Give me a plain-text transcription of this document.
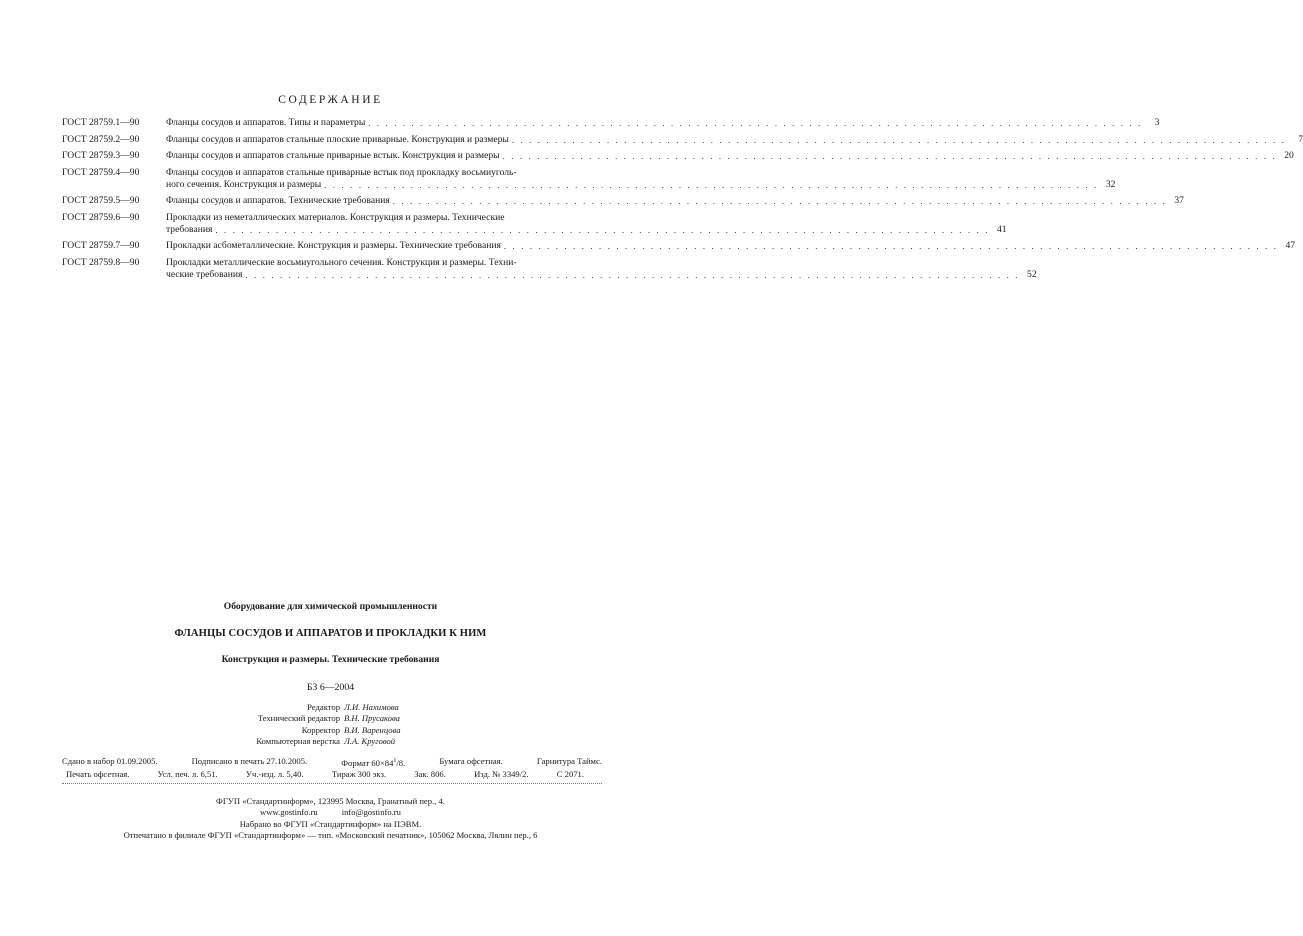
СОДЕРЖАНИЕ
ГОСТ 28759.1—90	Фланцы сосудов и аппаратов. Типы и параметры . . . . . . . . . . . . . . . . . . . . . . . . . . . . . . . . . . . . . . . . . . . . . . . . . . . . . . . . . . . . . . . . . . . . . . . . . . . . . . . . . . . . . . . . . .	3
ГОСТ 28759.2—90	Фланцы сосудов и аппаратов стальные плоские приварные. Конструкция и размеры . . . . . . . . . . . . . . . . . . . . . . . . . . . . . . . . . . . . . . . . . . . . . . . . . . . . . . . . . . . . . . . . . . . . . . . . . . . . . . . . . . . . . . . . . .	7
ГОСТ 28759.3—90	Фланцы сосудов и аппаратов стальные приварные встык. Конструкция и размеры . . . . . . . . . . . . . . . . . . . . . . . . . . . . . . . . . . . . . . . . . . . . . . . . . . . . . . . . . . . . . . . . . . . . . . . . . . . . . . . . . . . . . . . . . . 20
ГОСТ 28759.4—90	Фланцы сосудов и аппаратов стальные приварные встык под прокладку восьмиуголь-
ного сечения. Конструкция и размеры . . . . . . . . . . . . . . . . . . . . . . . . . . . . . . . . . . . . . . . . . . . . . . . . . . . . . . . . . . . . . . . . . . . . . . . . . . . . . . . . . . . . . . . . . . 32
ГОСТ 28759.5—90	Фланцы сосудов и аппаратов. Технические требования . . . . . . . . . . . . . . . . . . . . . . . . . . . . . . . . . . . . . . . . . . . . . . . . . . . . . . . . . . . . . . . . . . . . . . . . . . . . . . . . . . . . . . . . . . 37
ГОСТ 28759.6—90	Прокладки из неметаллических материалов. Конструкция и размеры. Технические
требования . . . . . . . . . . . . . . . . . . . . . . . . . . . . . . . . . . . . . . . . . . . . . . . . . . . . . . . . . . . . . . . . . . . . . . . . . . . . . . . . . . . . . . . . . . 41
ГОСТ 28759.7—90	Прокладки асбометаллические. Конструкция и размеры. Технические требования . . . . . . . . . . . . . . . . . . . . . . . . . . . . . . . . . . . . . . . . . . . . . . . . . . . . . . . . . . . . . . . . . . . . . . . . . . . . . . . . . . . . . . . . . . 47
ГОСТ 28759.8—90	Прокладки металлические восьмиугольного сечения. Конструкция и размеры. Техни-
ческие требования . . . . . . . . . . . . . . . . . . . . . . . . . . . . . . . . . . . . . . . . . . . . . . . . . . . . . . . . . . . . . . . . . . . . . . . . . . . . . . . . . . . . . . . . . . 52
Оборудование для химической промышленности
ФЛАНЦЫ СОСУДОВ И АППАРАТОВ И ПРОКЛАДКИ К НИМ
Конструкция и размеры. Технические требования
БЗ 6—2004
Редактор Л.И. Нахимова
Технический редактор В.Н. Прусакова
Корректор В.И. Варенцова
Компьютерная верстка Л.А. Круговой
Сдано в набор 01.09.2005.	Подписано в печать 27.10.2005.	Формат $60\times 84^1/8$.	Бумага офсетная.	Гарнитура Таймс.
Печать офсетная.	Усл. печ. л. 6,51.	Уч.-изд. л. 5,40.	Тираж 300 экз.	Зак. 806.	Изд. № 3349/2.	С 2071.
ФГУП «Стандартинформ», 123995 Москва, Гранатный пер., 4.
www.gostinfo.ru	info@gostinfo.ru
Набрано во ФГУП «Стандартинформ» на ПЭВМ.
Отпечатано в филиале ФГУП «Стандартинформ» — тип. «Московский печатник», 105062 Москва, Лялин пер., 6
